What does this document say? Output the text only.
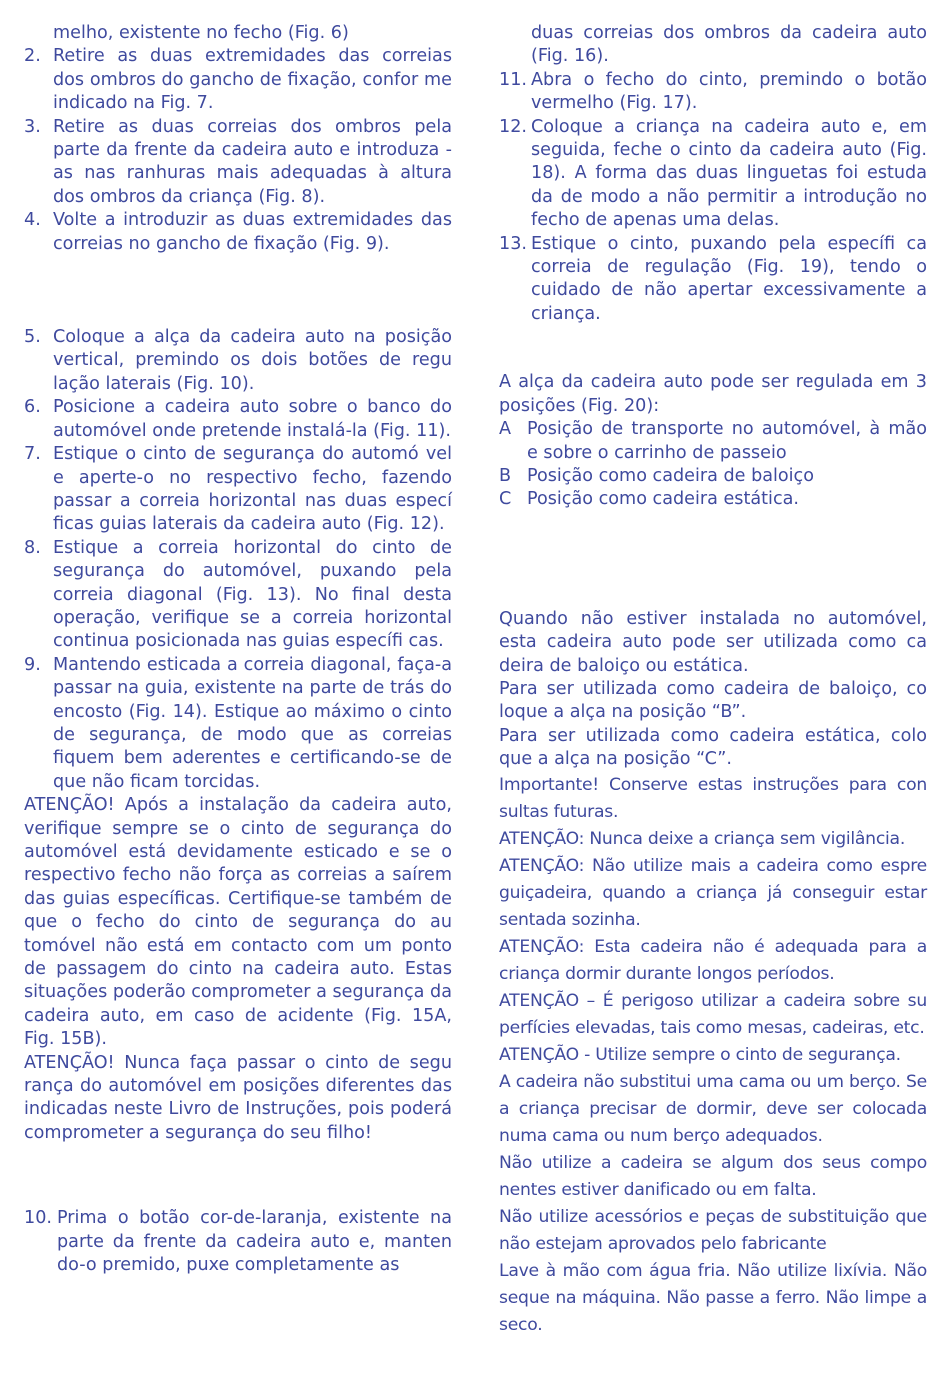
melho, existente no fecho (Fig. 6)
2. Retire as duas extremidades das correias dos ombros do gancho de fixação, confor me indicado na Fig. 7.
3. Retire as duas correias dos ombros pela parte da frente da cadeira auto e introduza -as nas ranhuras mais adequadas à altura dos ombros da criança (Fig. 8).
4. Volte a introduzir as duas extremidades das correias no gancho de fixação (Fig. 9).
5. Coloque a alça da cadeira auto na posição vertical, premindo os dois botões de regu lação laterais (Fig. 10).
6. Posicione a cadeira auto sobre o banco do automóvel onde pretende instalá-la (Fig. 11).
7. Estique o cinto de segurança do automó vel e aperte-o no respectivo fecho, fazendo passar a correia horizontal nas duas especí ficas guias laterais da cadeira auto (Fig. 12).
8. Estique a correia horizontal do cinto de segurança do automóvel, puxando pela correia diagonal (Fig. 13). No final desta operação, verifique se a correia horizontal continua posicionada nas guias específi cas.
9. Mantendo esticada a correia diagonal, faça-a passar na guia, existente na parte de trás do encosto (Fig. 14). Estique ao máximo o cinto de segurança, de modo que as correias fiquem bem aderentes e certificando-se de que não ficam torcidas.
ATENÇÃO! Após a instalação da cadeira auto, verifique sempre se o cinto de segurança do automóvel está devidamente esticado e se o respectivo fecho não força as correias a saírem das guias específicas. Certifique-se também de que o fecho do cinto de segurança do au tomóvel não está em contacto com um ponto de passagem do cinto na cadeira auto. Estas situações poderão comprometer a segurança da cadeira auto, em caso de acidente (Fig. 15A, Fig. 15B).
ATENÇÃO! Nunca faça passar o cinto de segu rança do automóvel em posições diferentes das indicadas neste Livro de Instruções, pois poderá comprometer a segurança do seu filho!
10. Prima o botão cor-de-laranja, existente na parte da frente da cadeira auto e, manten do-o premido, puxe completamente as
duas correias dos ombros da cadeira auto (Fig. 16).
11. Abra o fecho do cinto, premindo o botão vermelho (Fig. 17).
12. Coloque a criança na cadeira auto e, em seguida, feche o cinto da cadeira auto (Fig. 18). A forma das duas linguetas foi estuda da de modo a não permitir a introdução no fecho de apenas uma delas.
13. Estique o cinto, puxando pela específi ca correia de regulação (Fig. 19), tendo o cuidado de não apertar excessivamente a criança.
A alça da cadeira auto pode ser regulada em 3 posições (Fig. 20):
A Posição de transporte no automóvel, à mão e sobre o carrinho de passeio
B Posição como cadeira de baloiço
C Posição como cadeira estática.
Quando não estiver instalada no automóvel, esta cadeira auto pode ser utilizada como ca deira de baloiço ou estática.
Para ser utilizada como cadeira de baloiço, co loque a alça na posição “B”.
Para ser utilizada como cadeira estática, colo que a alça na posição “C”.
Importante! Conserve estas instruções para con sultas futuras.
ATENÇÃO: Nunca deixe a criança sem vigilância.
ATENÇÃO: Não utilize mais a cadeira como espre guiçadeira, quando a criança já conseguir estar sentada sozinha.
ATENÇÃO: Esta cadeira não é adequada para a criança dormir durante longos períodos.
ATENÇÃO – É perigoso utilizar a cadeira sobre su perfícies elevadas, tais como mesas, cadeiras, etc.
ATENÇÃO - Utilize sempre o cinto de segurança.
A cadeira não substitui uma cama ou um berço. Se a criança precisar de dormir, deve ser colocada numa cama ou num berço adequados.
Não utilize a cadeira se algum dos seus compo nentes estiver danificado ou em falta.
Não utilize acessórios e peças de substituição que não estejam aprovados pelo fabricante
Lave à mão com água fria. Não utilize lixívia. Não seque na máquina. Não passe a ferro. Não limpe a seco.
